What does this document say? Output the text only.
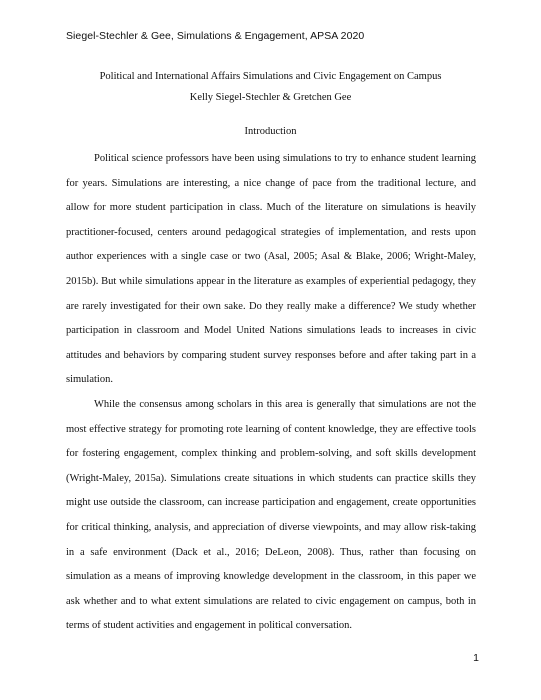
Siegel-Stechler & Gee, Simulations & Engagement, APSA 2020
Political and International Affairs Simulations and Civic Engagement on Campus
Kelly Siegel-Stechler & Gretchen Gee
Introduction

Political science professors have been using simulations to try to enhance student learning for years. Simulations are interesting, a nice change of pace from the traditional lecture, and allow for more student participation in class. Much of the literature on simulations is heavily practitioner-focused, centers around pedagogical strategies of implementation, and rests upon author experiences with a single case or two (Asal, 2005; Asal & Blake, 2006; Wright-Maley, 2015b). But while simulations appear in the literature as examples of experiential pedagogy, they are rarely investigated for their own sake. Do they really make a difference? We study whether participation in classroom and Model United Nations simulations leads to increases in civic attitudes and behaviors by comparing student survey responses before and after taking part in a simulation.

While the consensus among scholars in this area is generally that simulations are not the most effective strategy for promoting rote learning of content knowledge, they are effective tools for fostering engagement, complex thinking and problem-solving, and soft skills development (Wright-Maley, 2015a). Simulations create situations in which students can practice skills they might use outside the classroom, can increase participation and engagement, create opportunities for critical thinking, analysis, and appreciation of diverse viewpoints, and may allow risk-taking in a safe environment (Dack et al., 2016; DeLeon, 2008). Thus, rather than focusing on simulation as a means of improving knowledge development in the classroom, in this paper we ask whether and to what extent simulations are related to civic engagement on campus, both in terms of student activities and engagement in political conversation.

1
